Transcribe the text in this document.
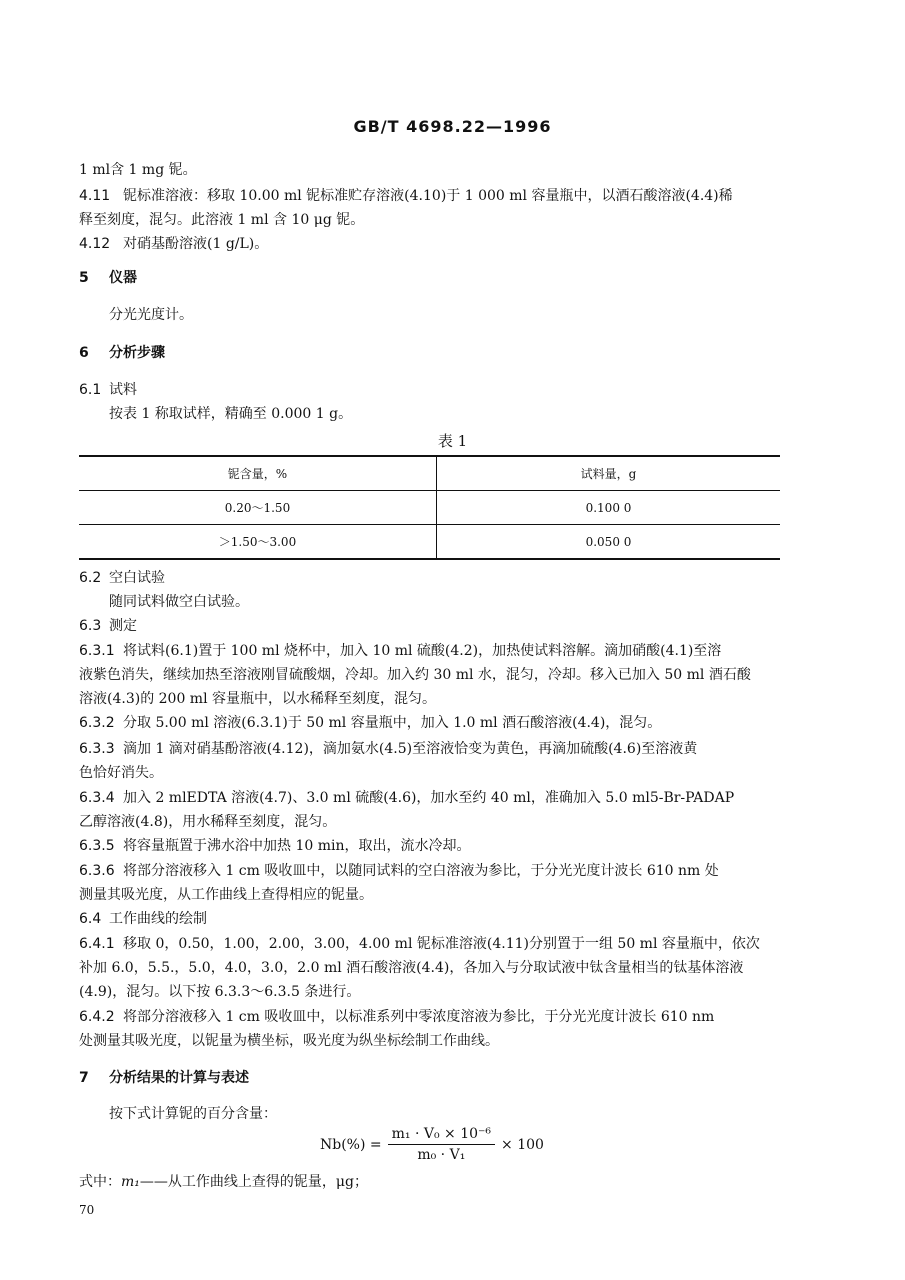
GB/T 4698.22—1996
1 ml含 1 mg 铌。
4.11 铌标准溶液：移取 10.00 ml 铌标准贮存溶液(4.10)于 1 000 ml 容量瓶中，以酒石酸溶液(4.4)稀
释至刻度，混匀。此溶液 1 ml 含 10 μg 铌。
4.12 对硝基酚溶液(1 g/L)。
5 仪器
分光光度计。
6 分析步骤
6.1 试料
按表 1 称取试样，精确至 0.000 1 g。
表 1
铌含量，%	试料量，g
0.20～1.50	0.100 0
＞1.50～3.00	0.050 0
6.2 空白试验
随同试料做空白试验。
6.3 测定
6.3.1 将试料(6.1)置于 100 ml 烧杯中，加入 10 ml 硫酸(4.2)，加热使试料溶解。滴加硝酸(4.1)至溶
液紫色消失，继续加热至溶液刚冒硫酸烟，冷却。加入约 30 ml 水，混匀，冷却。移入已加入 50 ml 酒石酸
溶液(4.3)的 200 ml 容量瓶中，以水稀释至刻度，混匀。
6.3.2 分取 5.00 ml 溶液(6.3.1)于 50 ml 容量瓶中，加入 1.0 ml 酒石酸溶液(4.4)，混匀。
6.3.3 滴加 1 滴对硝基酚溶液(4.12)，滴加氨水(4.5)至溶液恰变为黄色，再滴加硫酸(4.6)至溶液黄
色恰好消失。
6.3.4 加入 2 mlEDTA 溶液(4.7)、3.0 ml 硫酸(4.6)，加水至约 40 ml，准确加入 5.0 ml5-Br-PADAP
乙醇溶液(4.8)，用水稀释至刻度，混匀。
6.3.5 将容量瓶置于沸水浴中加热 10 min，取出，流水冷却。
6.3.6 将部分溶液移入 1 cm 吸收皿中，以随同试料的空白溶液为参比，于分光光度计波长 610 nm 处
测量其吸光度，从工作曲线上查得相应的铌量。
6.4 工作曲线的绘制
6.4.1 移取 0，0.50，1.00，2.00，3.00，4.00 ml 铌标准溶液(4.11)分别置于一组 50 ml 容量瓶中，依次
补加 6.0，5.5.，5.0，4.0，3.0，2.0 ml 酒石酸溶液(4.4)，各加入与分取试液中钛含量相当的钛基体溶液
(4.9)，混匀。以下按 6.3.3～6.3.5 条进行。
6.4.2 将部分溶液移入 1 cm 吸收皿中，以标准系列中零浓度溶液为参比，于分光光度计波长 610 nm
处测量其吸光度，以铌量为横坐标，吸光度为纵坐标绘制工作曲线。
7 分析结果的计算与表述
按下式计算铌的百分含量：
$Nb(\%) = \frac{\text{m₁ · V₀ × 10⁻⁶}}{\text{m₀ · V₁}} \times 100$
式中：m₁——从工作曲线上查得的铌量，μg；
70
